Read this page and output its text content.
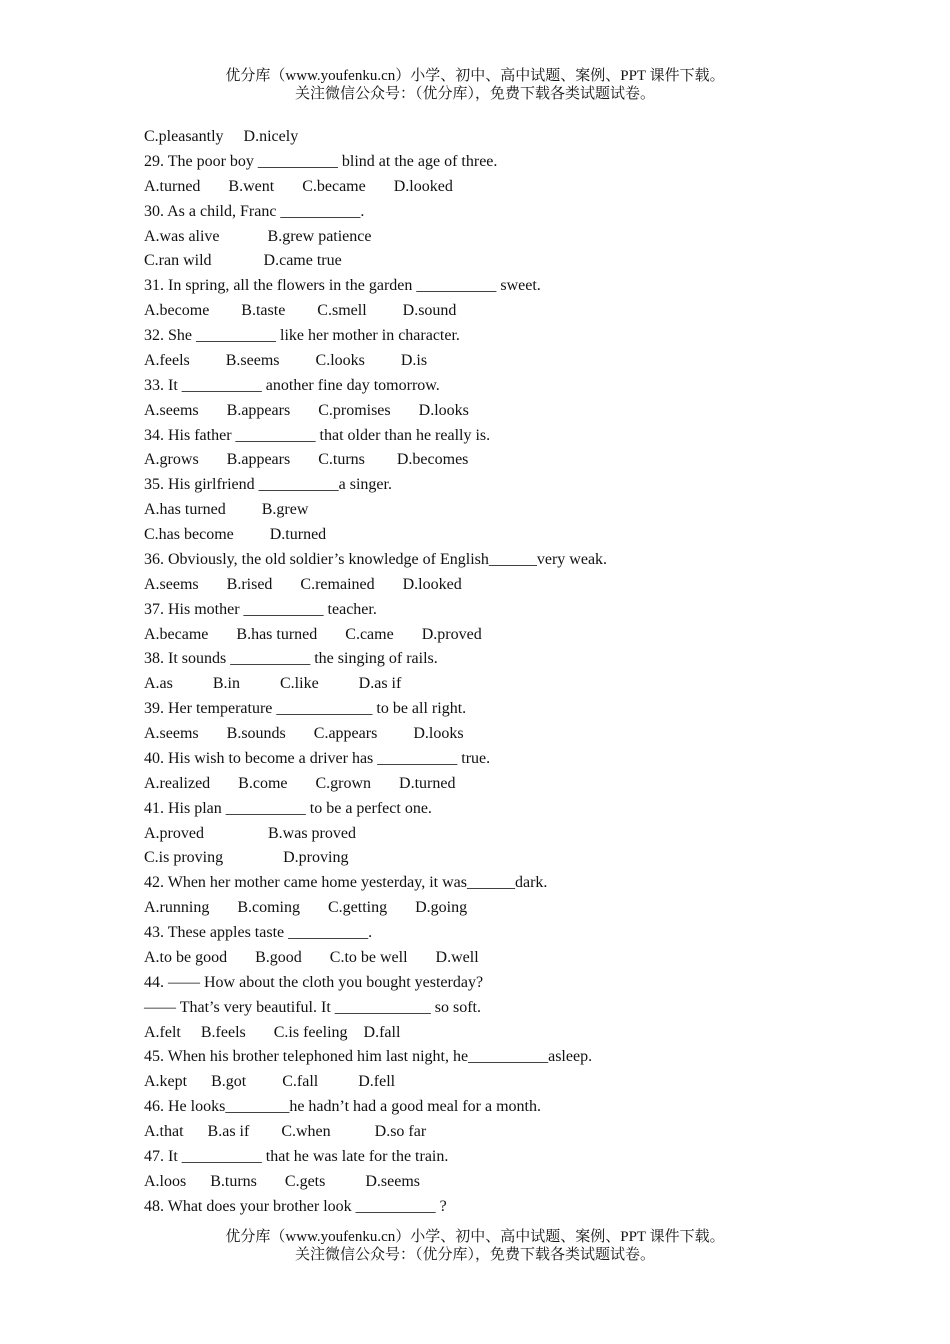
优分库（www.youfenku.cn）小学、初中、高中试题、案例、PPT 课件下载。
关注微信公众号：（优分库），免费下载各类试题试卷。
C.pleasantly     D.nicely
29. The poor boy __________ blind at the age of three.
A.turned       B.went       C.became       D.looked
30. As a child, Franc __________.
A.was alive            B.grew patience
C.ran wild             D.came true
31. In spring, all the flowers in the garden __________ sweet.
A.become        B.taste        C.smell         D.sound
32. She __________ like her mother in character.
A.feels         B.seems         C.looks         D.is
33. It __________ another fine day tomorrow.
A.seems       B.appears       C.promises       D.looks
34. His father __________ that older than he really is.
A.grows       B.appears       C.turns        D.becomes
35. His girlfriend __________a singer.
A.has turned         B.grew
C.has become         D.turned
36. Obviously, the old soldier’s knowledge of English______very weak.
A.seems       B.rised       C.remained       D.looked
37. His mother __________ teacher.
A.became       B.has turned       C.came       D.proved
38. It sounds __________ the singing of rails.
A.as          B.in          C.like          D.as if
39. Her temperature ____________ to be all right.
A.seems       B.sounds       C.appears         D.looks
40. His wish to become a driver has __________ true.
A.realized       B.come       C.grown       D.turned
41. His plan __________ to be a perfect one.
A.proved                B.was proved
C.is proving               D.proving
42. When her mother came home yesterday, it was______dark.
A.running       B.coming       C.getting       D.going
43. These apples taste __________.
A.to be good       B.good       C.to be well       D.well
44. —— How about the cloth you bought yesterday?
—— That’s very beautiful. It ____________ so soft.
A.felt     B.feels       C.is feeling    D.fall
45. When his brother telephoned him last night, he__________asleep.
A.kept      B.got         C.fall          D.fell
46. He looks________he hadn’t had a good meal for a month.
A.that      B.as if        C.when           D.so far
47. It __________ that he was late for the train.
A.loos      B.turns       C.gets          D.seems
48. What does your brother look __________ ?
优分库（www.youfenku.cn）小学、初中、高中试题、案例、PPT 课件下载。
关注微信公众号：（优分库），免费下载各类试题试卷。
